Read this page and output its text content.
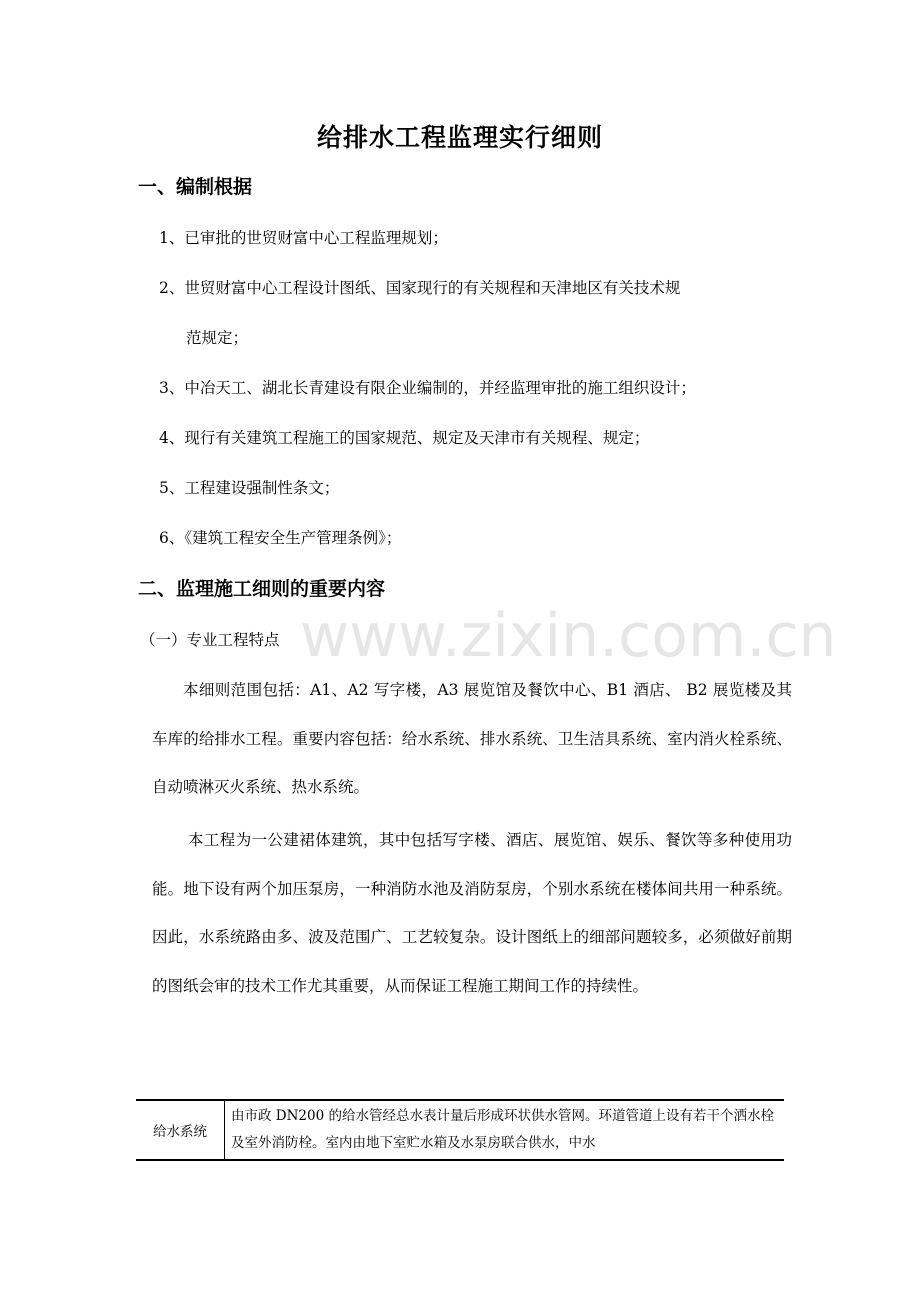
www.zixin.com.cn
给排水工程监理实行细则
一、编制根据
1、已审批的世贸财富中心工程监理规划；
2、世贸财富中心工程设计图纸、国家现行的有关规程和天津地区有关技术规
范规定；
3、中冶天工、湖北长青建设有限企业编制的，并经监理审批的施工组织设计；
4、现行有关建筑工程施工的国家规范、规定及天津市有关规程、规定；
5、工程建设强制性条文；
6、《建筑工程安全生产管理条例》；
二、监理施工细则的重要内容
（一）专业工程特点
本细则范围包括：A1、A2 写字楼，A3 展览馆及餐饮中心、B1 酒店、 B2 展览楼及其车库的给排水工程。重要内容包括：给水系统、排水系统、卫生洁具系统、室内消火栓系统、自动喷淋灭火系统、热水系统。
本工程为一公建裙体建筑，其中包括写字楼、酒店、展览馆、娱乐、餐饮等多种使用功能。地下设有两个加压泵房，一种消防水池及消防泵房，个别水系统在楼体间共用一种系统。因此，水系统路由多、波及范围广、工艺较复杂。设计图纸上的细部问题较多，必须做好前期的图纸会审的技术工作尤其重要，从而保证工程施工期间工作的持续性。
给水系统
由市政 DN200 的给水管经总水表计量后形成环状供水管网。环道管道上设有若干个洒水栓及室外消防栓。室内由地下室贮水箱及水泵房联合供水，中水
